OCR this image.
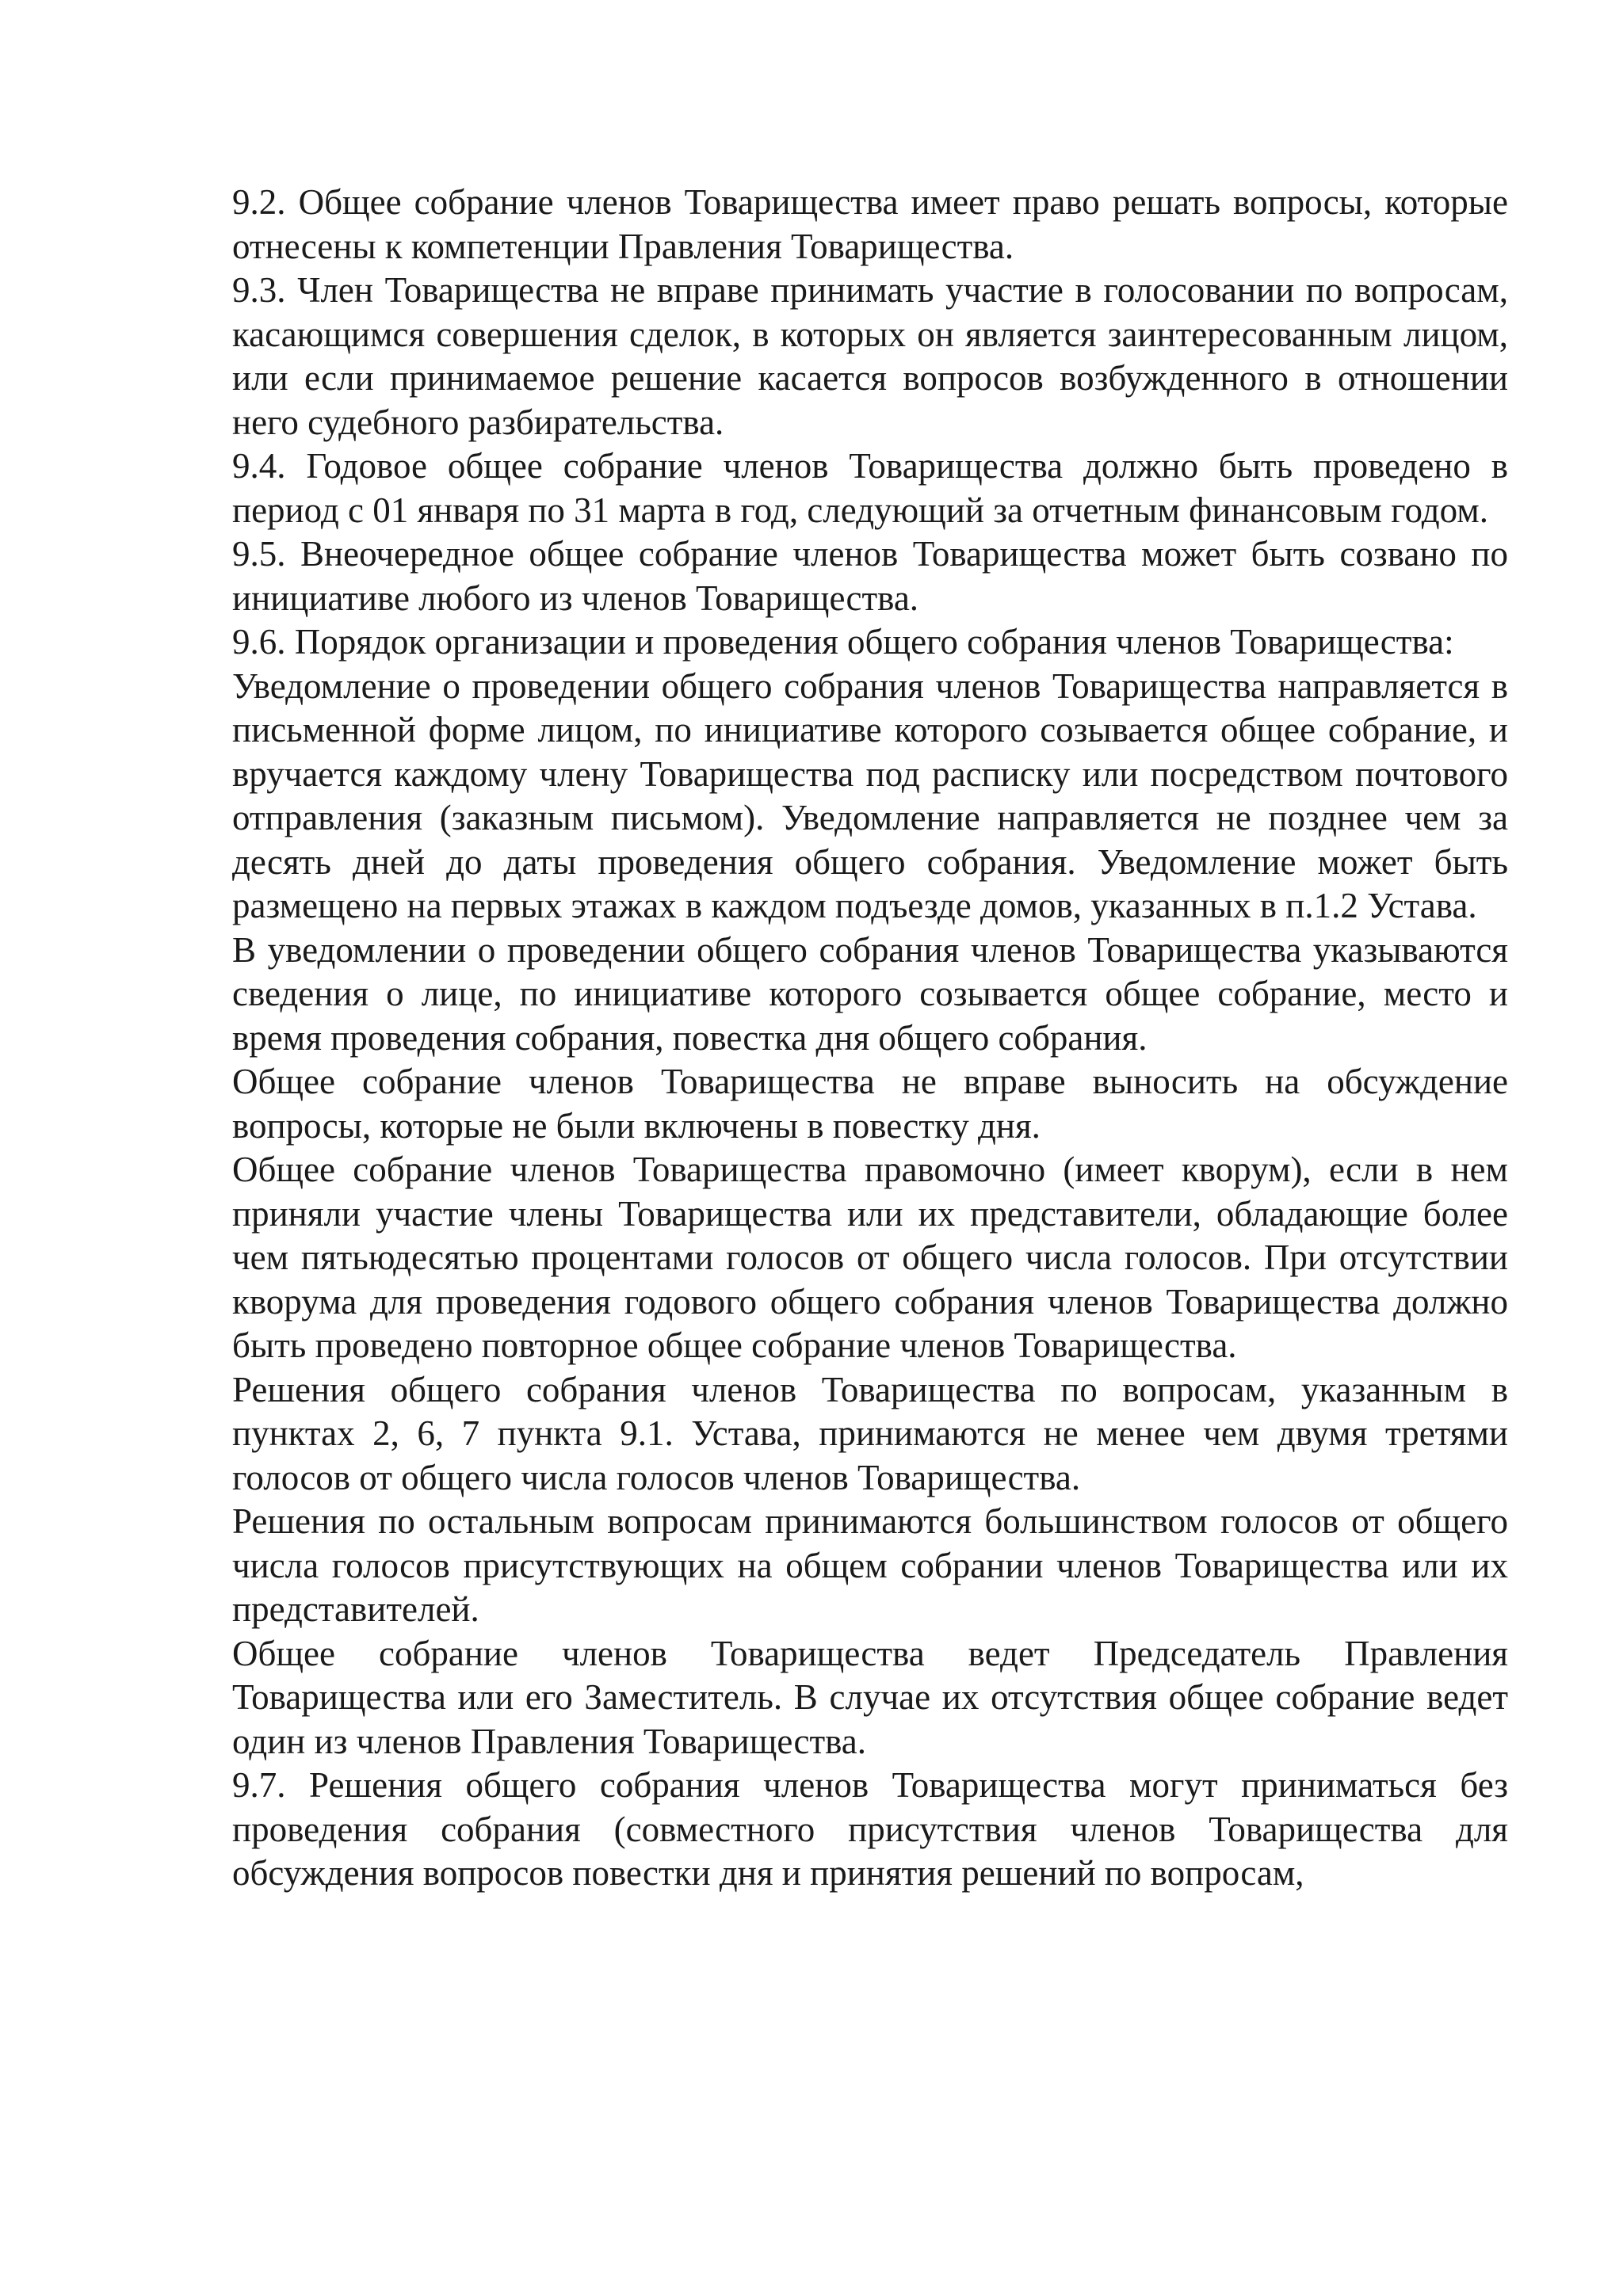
9.2. Общее собрание членов Товарищества имеет право решать вопросы, которые отнесены к компетенции Правления Товарищества.

9.3. Член Товарищества не вправе принимать участие в голосовании по вопросам, касающимся совершения сделок, в которых он является заинтересованным лицом, или если принимаемое решение касается вопросов возбужденного в отношении него судебного разбирательства.

9.4. Годовое общее собрание членов Товарищества должно быть проведено в период с 01 января по 31 марта в год, следующий за отчетным финансовым годом.

9.5. Внеочередное общее собрание членов Товарищества может быть созвано по инициативе любого из членов Товарищества.

9.6. Порядок организации и проведения общего собрания членов Товарищества:

Уведомление о проведении общего собрания членов Товарищества направляется в письменной форме лицом, по инициативе которого созывается общее собрание, и вручается каждому члену Товарищества под расписку или посредством почтового отправления (заказным письмом). Уведомление направляется не позднее чем за десять дней до даты проведения общего собрания. Уведомление может быть размещено на первых этажах в каждом подъезде домов, указанных в п.1.2 Устава.

В уведомлении о проведении общего собрания членов Товарищества указываются сведения о лице, по инициативе которого созывается общее собрание, место и время проведения собрания, повестка дня общего собрания.

Общее собрание членов Товарищества не вправе выносить на обсуждение вопросы, которые не были включены в повестку дня.

Общее собрание членов Товарищества правомочно (имеет кворум), если в нем приняли участие члены Товарищества или их представители, обладающие более чем пятьюдесятью процентами голосов от общего числа голосов. При отсутствии кворума для проведения годового общего собрания членов Товарищества должно быть проведено повторное общее собрание членов Товарищества.

Решения общего собрания членов Товарищества по вопросам, указанным в пунктах 2, 6, 7 пункта 9.1. Устава, принимаются не менее чем двумя третями голосов от общего числа голосов членов Товарищества.

Решения по остальным вопросам принимаются большинством голосов от общего числа голосов присутствующих на общем собрании членов Товарищества или их представителей.

Общее собрание членов Товарищества ведет Председатель Правления Товарищества или его Заместитель. В случае их отсутствия общее собрание ведет один из членов Правления Товарищества.

9.7. Решения общего собрания членов Товарищества могут приниматься без проведения собрания (совместного присутствия членов Товарищества для обсуждения вопросов повестки дня и принятия решений по вопросам,
